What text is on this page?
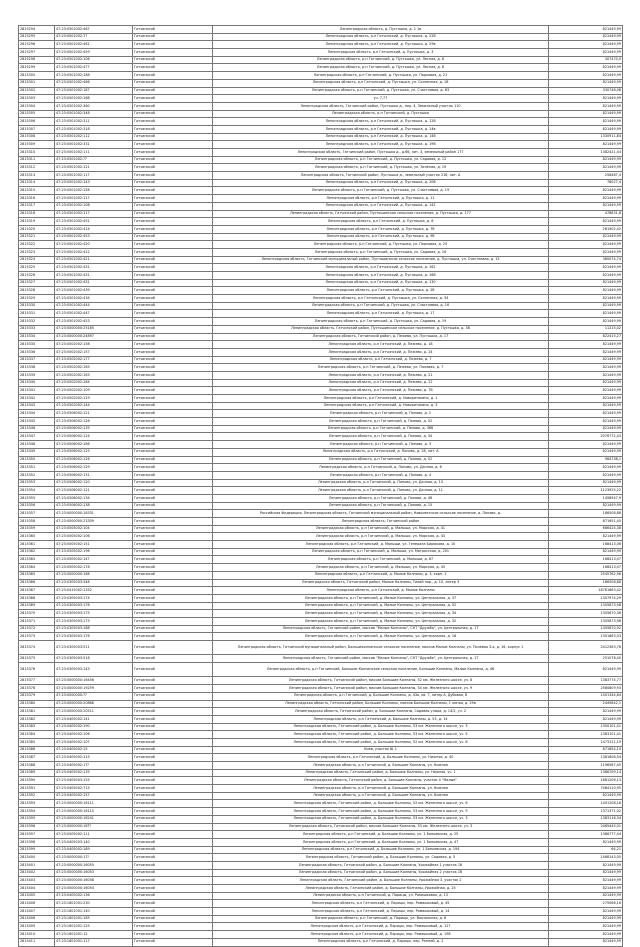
2815294	47:23:0501002:467	Гатчинский	Ленинградская область, д. Пустошка, д. 1 1в	821449,99
2815295	47:23:0501002:7?	Гатчинский	Ленинградская область, р-н Гатчинский, д. Пустошка, д. 22б	821449,99
2815296	47:23:0501002:461	Гатчинский	Ленинградская область, р-н Гатчинский, д. Пустошка, д. 29в	821449,99
2815297	47:23:0501002:459	Гатчинский	Ленинградская область, р-н Гатчинский, д. Пустошка, д. 3	821449,99
2815298	47:23:0501002:106	Гатчинский	Ленинградская область, р-н Гатчинский, д. Пустошка, ул. Лесная, д. 8	307470,0
2815299	47:23:0501002:477	Гатчинский	Ленинградская область, р-н Гатчинский, д. Пустошка, ул. Лесная, д. 8	821449,99
2815300	47:23:0501002:188	Гатчинский	Ленинградская область, р-н Гатчинский, д. Пустошка, ул. Парковая, д. 21	821449,99
2815301	47:23:0501002:466	Гатчинский	Ленинградская область, р-н Гатчинский, д. Пустошка, ул. Солнечная, д. 18	821449,99
2815302	47:23:0501002:187	Гатчинский	Ленинградская область, р-н Гатчинский, д. Пустошка, ул. Счастливая, д. 63	330748,08
2815303	47:23:0501002:168	Гатчинский	уч. 7,77	821449,99
2815304	47:23:0501002:360	Гатчинский	Ленинградская область, Гатчинский район, Пустошка д., пер. 4, Земельный участок 110	821449,99
2815305	47:23:0501002:348	Гатчинский	Ленинградская область, р-н Гатчинский, д. Пустошка	821449,99
2815306	47:23:0501002:311	Гатчинский	Ленинградская область, р-н Гатчинский, д. Пустошка, д. 12б	821449,99
2815307	47:23:0501002:318	Гатчинский	Ленинградская область, р-н Гатчинский, д. Пустошка, д. 14в	821449,99
2815308	47:23:0501002:112	Гатчинский	Ленинградская область, р-н Гатчинский, д. Пустошка, д. 14б	1330911,84
2815309	47:23:0501002:331	Гатчинский	Ленинградская область, р-н Гатчинский, д. Пустошка, д. 19б	821449,99
2815310	47:23:0501002:111	Гатчинский	Ленинградская область, Гатчинский район, Пустошка д., д.6б, лит. 3, земельный район 177	1382421,44
2815311	47:23:0501002:??	Гатчинский	Ленинградская область, р-н Гатчинский, д. Пустошка, ул. Садовая, д. 12	821449,99
2815312	47:23:0501002:121	Гатчинский	Ленинградская область, р-н Гатчинский, д. Пустошка, ул. Зелёная, д. 19	821449,99
2815313	47:23:0501002:117	Гатчинский	Ленинградская область, Гатчинский район, Пустошка д., земельный участок 21б, лит. А	258487,4
2815314	47:23:0501002:143	Гатчинский	Ленинградская область, р-н Гатчинский, д. Пустошка, д. 20б	78027,4
2815315	47:23:0501002:158	Гатчинский	Ленинградская область, р-н Гатчинский, д. Пустошка, ул. Счастливая, д. 19	821449,99
2815316	47:23:0501002:117	Гатчинский	Ленинградская область, р-н Гатчинский, д. Пустошка, д. 11	821449,99
2815317	47:23:0501002:108	Гатчинский	Ленинградская область, р-н Гатчинский, д. Пустошка, д. 142	821449,99
2815318	47:23:0501002:117	Гатчинский	Ленинградская область, Гатчинский район, Пустошинское сельское поселение, д. Пустошка, д. 177	478831,8
2815319	47:23:0501002:451	Гатчинский	Ленинградская область, р-н Гатчинский, д. Пустошка, д. 8	821449,99
2815320	47:23:0501002:414	Гатчинский	Ленинградская область, р-н Гатчинский, д. Пустошка, д. 7б	281902,42
2815321	47:23:0501002:453	Гатчинский	Ленинградская область, р-н Гатчинский, д. Пустошка, д. 9б	821449,99
2815322	47:23:0501002:420	Гатчинский	Ленинградская область, р-н Гатчинский, д. Пустошка, ул. Парковая, д. 25	821449,99
2815323	47:23:0501002:422	Гатчинский	Ленинградская область, р-н Гатчинский, д. Пустошка, ул. Садовая, д. 16	821449,99
2815324	47:23:0501002:421	Гатчинский	Ленинградская область, Гатчинский муниципальный район, Пустошинское сельское поселение, д. Пустошка, ул. Счастливая, д. 15	380074,74
2815325	47:23:0501002:431	Гатчинский	Ленинградская область, р-н Гатчинский, д. Пустошка, д. 162	821449,99
2815326	47:23:0501002:431	Гатчинский	Ленинградская область, р-н Гатчинский, д. Пустошка, д. 16б	821449,99
2815327	47:23:0501002:431	Гатчинский	Ленинградская область, р-н Гатчинский, д. Пустошка, д. 130	821449,99
2815328	47:23:0501002:439	Гатчинский	Ленинградская область, р-н Гатчинский, д. Пустошка, д. 2б	821449,99
2815329	47:23:0501002:434	Гатчинский	Ленинградская область, р-н Гатчинский, д. Пустошка, ул. Солнечная, д. 34	821449,99
2815330	47:23:0501002:444	Гатчинский	Ленинградская область, р-н Гатчинский, д. Пустошка, ул. Счастливая, д. 16	821449,99
2815331	47:23:0501002:447	Гатчинский	Ленинградская область, р-н Гатчинский, д. Пустошка, д. 17	821449,99
2815332	47:23:0501002:453	Гатчинский	Ленинградская область, р-н Гатчинский, д. Пустошка, ул. Садовая, д. 19	821449,99
2815333	47:23:0000000:25165	Гатчинский	Ленинградская область, Гатчинский район, Пустошинское сельское поселение, д. Пустошка, д. 3б	11215,02
2815334	47:23:0000000:24897	Гатчинский	Ленинградская область, Гатчинский район, д. Пежево, ул. Пустошка, д. 17	822415,27
2815335	47:23:0502002:158	Гатчинский	Ленинградская область, р-н Гатчинский, д. Пежево, д. 18	821449,99
2815336	47:23:0502002:157	Гатчинский	Ленинградская область, р-н Гатчинский, д. Пежево, д. 24	821449,99
2815337	47:23:0502002:177	Гатчинский	Ленинградская область, р-н Гатчинский, д. Пежево, д. 7	821449,99
2815338	47:23:0502002:165	Гатчинский	Ленинградская область, р-н Гатчинский, д. Пежево, ул. Полевая, д. 7	821449,99
2815339	47:23:0502002:163	Гатчинский	Ленинградская область, р-н Гатчинский, д. Пежево, д. 21	821449,99
2815340	47:23:0502002:164	Гатчинский	Ленинградская область, р-н Гатчинский, д. Пежево, д. 22	821449,99
2815341	47:23:0502002:109	Гатчинский	Ленинградская область, р-н Гатчинский, д. Пежево, д. 7б	821449,99
2815342	47:23:0502002:119	Гатчинский	Ленинградская область, р-н Гатчинский, д. Новоритякино, д. 1	821449,99
2815343	47:23:0502002:144	Гатчинский	Ленинградская область, р-н Гатчинский, д. Новоритякино, д. 3	821449,99
2815344	47:23:0506002:121	Гатчинский	Ленинградская область, р-н Гатчинский, д. Попово, д. 1	821449,99
2815345	47:23:0506002:126	Гатчинский	Ленинградская область, р-н Гатчинский, д. Попово, д. 52	821449,99
2815346	47:23:0506002:135	Гатчинский	Ленинградская область, р-н Гатчинский, д. Попово, д. 36б	821449,99
2815347	47:23:0506002:124	Гатчинский	Ленинградская область, р-н Гатчинский, д. Попово, д. 34	2076772,43
2815348	47:23:0506002:186	Гатчинский	Ленинградская область, р-н Гатчинский, д. Попово, д. 3	821449,99
2815349	47:23:0506002:125	Гатчинский	Ленинградская область, р-н Гатчинский, д. Попово, д. 28, лит. А	821449,99
2815350	47:23:0506002:126	Гатчинский	Ленинградская область, р-н Гатчинский, д. Попово, д. 52	984738,1
2815351	47:23:0506002:129	Гатчинский	Ленинградская область, р-н Гатчинский, д. Попово, ул. Дачная, д. 6	821449,99
2815352	47:23:0506002:131	Гатчинский	Ленинградская область, р-н Гатчинский, д. Попово, д. 4	821449,99
2815353	47:23:0506002:120	Гатчинский	Ленинградская область, р-н Гатчинский, д. Попово, ул. Дачная, д. 13	821449,99
2815354	47:23:0506002:121	Гатчинский	Ленинградская область, р-н Гатчинский, д. Попово, ул. Дачная, д. 11	1123925,22
2815355	47:23:0506002:134	Гатчинский	Ленинградская область, р-н Гатчинский, д. Попово, д. 48	1458947,9
2815356	47:23:0506002:138	Гатчинский	Ленинградская область, р-н Гатчинский, д. Попово, д. 15	821449,99
2815357	47:23:0000000:18331	Гатчинский	Российская Федерация, Ленинградская область, Гатчинский муниципальный район, Новосветское сельское поселение, д. Попово, д.	186508,88
2815358	47:23:0000000:23309	Гатчинский	Ленинградская область, Гатчинский район	871651,45
2815359	47:23:0505002:104	Гатчинский	Ленинградская область, р-н Гатчинский, д. Малыши, ул. Морская, д. 41	686424,38
2815360	47:23:0505002:106	Гатчинский	Ленинградская область, р-н Гатчинский, д. Малыши, ул. Морская, д. 43	821449,99
2815361	47:23:0505002:151	Гатчинский	Ленинградская область, р-н Гатчинский, д. Малыши, ул. Генерала Бирюкова, д. 10	168413,06
2815362	47:23:0505002:196	Гатчинский	Ленинградская область, р-н Гатчинский, д. Малыши, ул. Матросская, д. 201	821449,99
2815363	47:23:0505002:147	Гатчинский	Ленинградская область, р-н Гатчинский, д. Малыши, д. 87	168413,47
2815364	47:23:0505002:178	Гатчинский	Ленинградская область, р-н Гатчинский, д. Малыши, ул. Морская, д. 45	168413,47
2815365	47:23:0000000:168	Гатчинский	Ленинградская область, р-н Гатчинский, д. Малые Колпаны, д. 3, корп. 1	2545762,98
2815366	47:23:0305003:348	Гатчинский	Ленинградская область, Гатчинский район, Малые Колпаны, Тихий пер., д. 10, литер 3	186508,88
2815367	47:23:0415002:1352	Гатчинский	Ленинградская область, р-н Гатчинский, д. Малые Колпаны	18761863,42
2815368	47:23:0305003:174	Гатчинский	Ленинградская область, р-н Гатчинский, д. Малые Колпаны, ул. Центральная, д. 37	1307974,29
2815369	47:23:0305003:176	Гатчинский	Ленинградская область, р-н Гатчинский, д. Малые Колпаны, ул. Центральная, д. 52	1305873,98
2815370	47:23:0305003:175	Гатчинский	Ленинградская область, р-н Гатчинский, д. Малые Колпаны, ул. Центральная, д. 34	1305870,36
2815371	47:23:0305003:173	Гатчинский	Ленинградская область, р-н Гатчинский, д. Малые Колпаны, ул. Центральная, д. 32	1305873,98
2815372	47:23:0305003:188	Гатчинский	Ленинградская область, Гатчинский район, массив "Малые Колпаны", СНТ "Дружба", ул. Центральная, д. 17	1305870,92
2815373	47:23:0305003:176	Гатчинский	Ленинградская область, р-н Гатчинский, д. Малые Колпаны, ул. Центральная, д. 16	1301863,03
2815374	47:23:0305003:511	Гатчинский	Ленинградская область, Гатчинский муниципальный район, Большеколпанское сельское поселение, массив Малые Колпаны, ул. Полевая 3-я, д. 16, корпус 1	2412363,76
2815375	47:23:0305003:518	Гатчинский	Ленинградская область, Гатчинский район, массив "Малые Колпаны", СНТ "Дружба", ул. Центральная, д. 17	251078,40
2815376	47:23:0305003:143	Гатчинский	Ленинградская область, р-н Гатчинский, Большое Колпанское сельское поселение, Большие Колпаны, Малые Колпаны, д. 46	821449,99
2815377	47:23:0000000:16456	Гатчинский	Ленинградская область, Гатчинский район, массив Большие Колпаны, 52 км. Железного шоссе, уч. 8	1383774,77
2815378	47:23:0000000:19259	Гатчинский	Ленинградская область, Гатчинский район, массив Большие Колпаны, 54 км. Железного шоссе, уч. 9	2580809,93
2815379	47:23:0000000:??	Гатчинский	Ленинградская область, р-н Гатчинский, д. Большие Колпаны, д. 43а, кв. 7, литер А, Дубовая, 8	1401344,84
2815380	47:23:0000000:20886	Гатчинский	Ленинградская область, Гатчинский район, Большие Колпаны, массив Большие Колпаны, 1 линия, д. 29в	2449842,1
2815381	47:23:0000000:20511	Гатчинский	Ленинградская область, Гатчинский район, д. Большие Колпаны, Садовая улица, д. 14/2, уч. 2	821449,99
2815382	47:23:0405002:141	Гатчинский	Ленинградская область, р-н Гатчинский, д. Большие Колпаны, д. 53, д. 14	821449,99
2815383	47:23:0405002:190	Гатчинский	Ленинградская область, Гатчинский район, д. Большие Колпаны, 53 км. Железного шоссе, уч. 3	1300101,41
2815384	47:23:0405002:106	Гатчинский	Ленинградская область, Гатчинский район, д. Большие Колпаны, 53 км. Железного шоссе, уч. 5	1383101,41
2815385	47:23:0405002:107	Гатчинский	Ленинградская область, Гатчинский район, д. Большие Колпаны, 52 км. Железного шоссе, уч. 8	1473121,19
2815386	47:23:0405002:15	Гатчинский	Киев, участок № 1	871654,14
2815387	47:23:0405002:115	Гатчинский	Ленинградская область, р-н Гатчинский, д. Большие Колпаны, ул. Нижняя, д. 40	1381808,54
2815388	47:23:0405002:1??	Гатчинский	Ленинградская область, р-н Гатчинский, д. Большие Колпаны, ул. Нижняя	1196587,45
2815389	47:23:0405002:135	Гатчинский	Ленинградская область, Гатчинский район, д. Большие Колпаны, ул. Нижняя, уч. 1	1386709,14
2815390	47:23:0405003:155	Гатчинский	Ленинградская область, Гатчинский район, д. Большие Колпаны, участок 4 "Малые"	1881206,13
2815391	47:23:0405002:715	Гатчинский	Ленинградская область, р-н Гатчинский, д. Большие Колпаны, ул. Нижняя	7484110,95
2815392	47:23:0405002:157	Гатчинский	Ленинградская область, р-н Гатчинский, д. Большие Колпаны, ул. Нижняя	821449,99
2815393	47:23:0000000:16111	Гатчинский	Ленинградская область, Гатчинский район, д. Большие Колпаны, 52 км. Железного шоссе, уч. 6	1401208,18
2815394	47:23:0000000:16115	Гатчинский	Ленинградская область, Гатчинский район, д. Большие Колпаны, 53 км. Железного шоссе, уч. 9	1371371,02
2815395	47:23:0000000:16241	Гатчинский	Ленинградская область, Гатчинский район, д. Большие Колпаны, 53 км. Железного шоссе, уч. 3	1383116,34
2815396	47:23:0000000:16??	Гатчинский	Ленинградская область, Гатчинский район, массив Большие Колпаны, 53 км. Железного шоссе, уч. 3	2465445,01
2815397	47:23:0505002:111	Гатчинский	Ленинградская область, р-н Гатчинский, д. Большие Колпаны, ул. 1 Баньевская, д. 25	1386777,44
2815398	47:23:0405003:140	Гатчинский	Ленинградская область, р-н Гатчинский, д. Большие Колпаны, ул. 1 Баньевская, д. 47	821449,99
2815399	47:23:0405002:189	Гатчинский	Ленинградская область, р-н Гатчинский, д. Большие Колпаны, ул. 1 Баньевская, д. 194	64,21
2815400	47:23:0000000:1??	Гатчинский	Ленинградская область, Гатчинский район, д. Большие Колпаны, ул. Садовая, д. 5	1468143,05
2815401	47:23:0000000:16055	Гатчинский	Ленинградская область, Гатчинский район, д. Большие Колпаны, Урожайная 1 участок 1б	821449,99
2815402	47:23:0000000:16053	Гатчинский	Ленинградская область, Гатчинский район, д. Большие Колпаны, Урожайная 2 участок 1б	821449,99
2815403	47:23:0000000:16058	Гатчинский	Ленинградская область, Гатчинский район, д. Большие Колпаны, Урожайная 3, участок 2	821449,99
2815404	47:23:0000000:16054	Гатчинский	Ленинградская область, Гатчинский район, д. Большие Колпаны, Урожайная, д. 25	821449,99
2815405	47:23:0405002:136	Гатчинский	Ленинградская область, р-н Гатчинский, д. Парицы, ул. Ромашковая, д. 13	821449,99
2815406	47:23:1601001:230	Гатчинский	Ленинградская область, р-н Гатчинский, д. Парицы, пер. Ромашковый, д. 45	275066,16
2815407	47:23:1601001:140	Гатчинский	Ленинградская область, р-н Гатчинский, д. Парицы, пер. Ромашковый, д. 14	821449,99
2815408	47:23:1601001:185	Гатчинский	Ленинградская область, р-н Гатчинский, д. Парицы, ул. Вокзальная, д. 6	821449,99
2815409	47:23:1601001:125	Гатчинский	Ленинградская область, р-н Гатчинский, д. Парицы, пер. Ромашковый, д. 127	821449,99
2815410	47:23:1601001:12	Гатчинский	Ленинградская область, р-н Гатчинский, д. Парицы, пер. Ромашковый, д. 198	821449,99
2815411	47:23:1601001:117	Гатчинский	Ленинградская область, р-н Гатчинский, д. Парицы, пер. Ранний, д. 2	821449,99
